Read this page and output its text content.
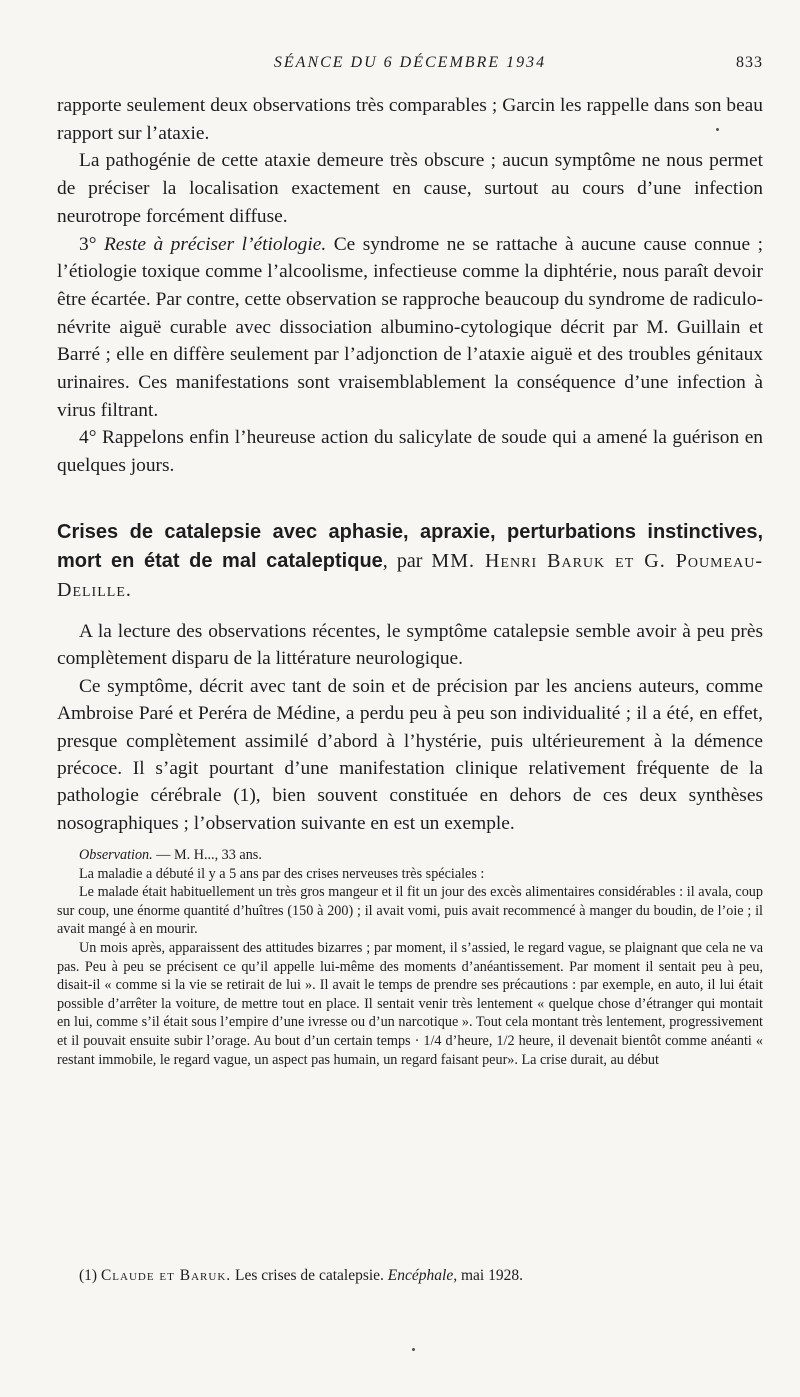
SÉANCE DU 6 DÉCEMBRE 1934	833

rapporte seulement deux observations très comparables ; Garcin les rappelle dans son beau rapport sur l’ataxie.

La pathogénie de cette ataxie demeure très obscure ; aucun symptôme ne nous permet de préciser la localisation exactement en cause, surtout au cours d’une infection neurotrope forcément diffuse.

3° Reste à préciser l’étiologie. Ce syndrome ne se rattache à aucune cause connue ; l’étiologie toxique comme l’alcoolisme, infectieuse comme la diphtérie, nous paraît devoir être écartée. Par contre, cette observation se rapproche beaucoup du syndrome de radiculo-névrite aiguë curable avec dissociation albumino-cytologique décrit par M. Guillain et Barré ; elle en diffère seulement par l’adjonction de l’ataxie aiguë et des troubles génitaux urinaires. Ces manifestations sont vraisemblablement la conséquence d’une infection à virus filtrant.

4° Rappelons enfin l’heureuse action du salicylate de soude qui a amené la guérison en quelques jours.

Crises de catalepsie avec aphasie, apraxie, perturbations instinctives, mort en état de mal cataleptique, par MM. Henri Baruk et G. Poumeau-Delille.

A la lecture des observations récentes, le symptôme catalepsie semble avoir à peu près complètement disparu de la littérature neurologique.

Ce symptôme, décrit avec tant de soin et de précision par les anciens auteurs, comme Ambroise Paré et Peréra de Médine, a perdu peu à peu son individualité ; il a été, en effet, presque complètement assimilé d’abord à l’hystérie, puis ultérieurement à la démence précoce. Il s’agit pourtant d’une manifestation clinique relativement fréquente de la pathologie cérébrale (1), bien souvent constituée en dehors de ces deux synthèses nosographiques ; l’observation suivante en est un exemple.

Observation. — M. H..., 33 ans.

La maladie a débuté il y a 5 ans par des crises nerveuses très spéciales :

Le malade était habituellement un très gros mangeur et il fit un jour des excès alimentaires considérables : il avala, coup sur coup, une énorme quantité d’huîtres (150 à 200) ; il avait vomi, puis avait recommencé à manger du boudin, de l’oie ; il avait mangé à en mourir.

Un mois après, apparaissent des attitudes bizarres ; par moment, il s’assied, le regard vague, se plaignant que cela ne va pas. Peu à peu se précisent ce qu’il appelle lui-même des moments d’anéantissement. Par moment il sentait peu à peu, disait-il « comme si la vie se retirait de lui ». Il avait le temps de prendre ses précautions : par exemple, en auto, il lui était possible d’arrêter la voiture, de mettre tout en place. Il sentait venir très lentement « quelque chose d’étranger qui montait en lui, comme s’il était sous l’empire d’une ivresse ou d’un narcotique ». Tout cela montant très lentement, progressivement et il pouvait ensuite subir l’orage. Au bout d’un certain temps · 1/4 d’heure, 1/2 heure, il devenait bientôt comme anéanti « restant immobile, le regard vague, un aspect pas humain, un regard faisant peur». La crise durait, au début

(1) Claude et Baruk. Les crises de catalepsie. Encéphale, mai 1928.
